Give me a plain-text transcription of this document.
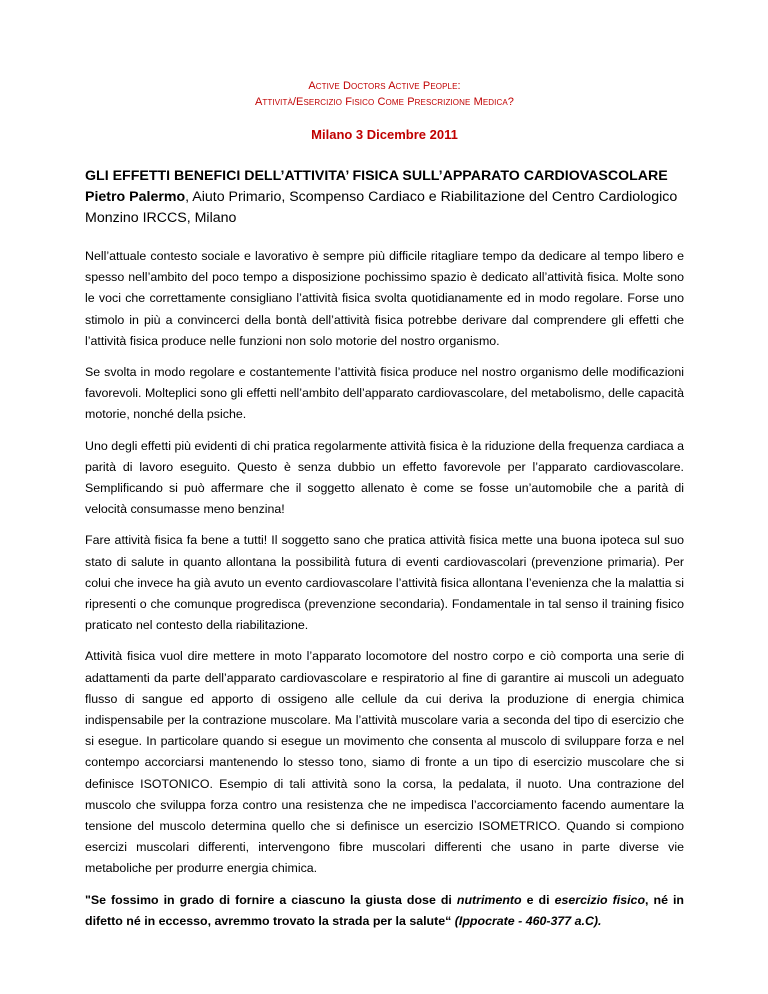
Active Doctors Active People:

Attività/Esercizio Fisico Come Prescrizione Medica?

Milano 3 Dicembre 2011

GLI EFFETTI BENEFICI DELL’ATTIVITA’ FISICA SULL’APPARATO CARDIOVASCOLARE

Pietro Palermo, Aiuto Primario, Scompenso Cardiaco e Riabilitazione del Centro Cardiologico Monzino IRCCS, Milano

Nell’attuale contesto sociale e lavorativo è sempre più difficile ritagliare tempo da dedicare al tempo libero e spesso nell’ambito del poco tempo a disposizione pochissimo spazio è dedicato all’attività fisica. Molte sono le voci che correttamente consigliano l’attività fisica svolta quotidianamente ed in modo regolare. Forse uno stimolo in più a convincerci della bontà dell’attività fisica potrebbe derivare dal comprendere gli effetti che l’attività fisica produce nelle funzioni non solo motorie del nostro organismo.

Se svolta in modo regolare e costantemente l’attività fisica produce nel nostro organismo delle modificazioni favorevoli. Molteplici sono gli effetti nell’ambito dell’apparato cardiovascolare, del metabolismo, delle capacità motorie, nonché della psiche.

Uno degli effetti più evidenti di chi pratica regolarmente attività fisica è la riduzione della frequenza cardiaca a parità di lavoro eseguito. Questo è senza dubbio un effetto favorevole per l’apparato cardiovascolare. Semplificando si può affermare che il soggetto allenato è come se fosse un’automobile che a parità di velocità consumasse meno benzina!

Fare attività fisica fa bene a tutti! Il soggetto sano che pratica attività fisica mette una buona ipoteca sul suo stato di salute in quanto allontana la possibilità futura di eventi cardiovascolari (prevenzione primaria). Per colui che invece ha già avuto un evento cardiovascolare l’attività fisica allontana l’evenienza che la malattia si ripresenti o che comunque progredisca (prevenzione secondaria). Fondamentale in tal senso il training fisico praticato nel contesto della riabilitazione.

Attività fisica vuol dire mettere in moto l’apparato locomotore del nostro corpo e ciò comporta una serie di adattamenti da parte dell’apparato cardiovascolare e respiratorio al fine di garantire ai muscoli un adeguato flusso di sangue ed apporto di ossigeno alle cellule da cui deriva la produzione di energia chimica indispensabile per la contrazione muscolare. Ma l’attività muscolare varia a seconda del tipo di esercizio che si esegue. In particolare quando si esegue un movimento che consenta al muscolo di sviluppare forza e nel contempo accorciarsi mantenendo lo stesso tono, siamo di fronte a un tipo di esercizio muscolare che si definisce ISOTONICO. Esempio di tali attività sono la corsa, la pedalata, il nuoto. Una contrazione del muscolo che sviluppa forza contro una resistenza che ne impedisca l’accorciamento facendo aumentare la tensione del muscolo determina quello che si definisce un esercizio ISOMETRICO. Quando si compiono esercizi muscolari differenti, intervengono fibre muscolari differenti che usano in parte diverse vie metaboliche per produrre energia chimica.

"Se fossimo in grado di fornire a ciascuno la giusta dose di nutrimento e di esercizio fisico, né in difetto né in eccesso, avremmo trovato la strada per la salute“ (Ippocrate - 460-377 a.C).
